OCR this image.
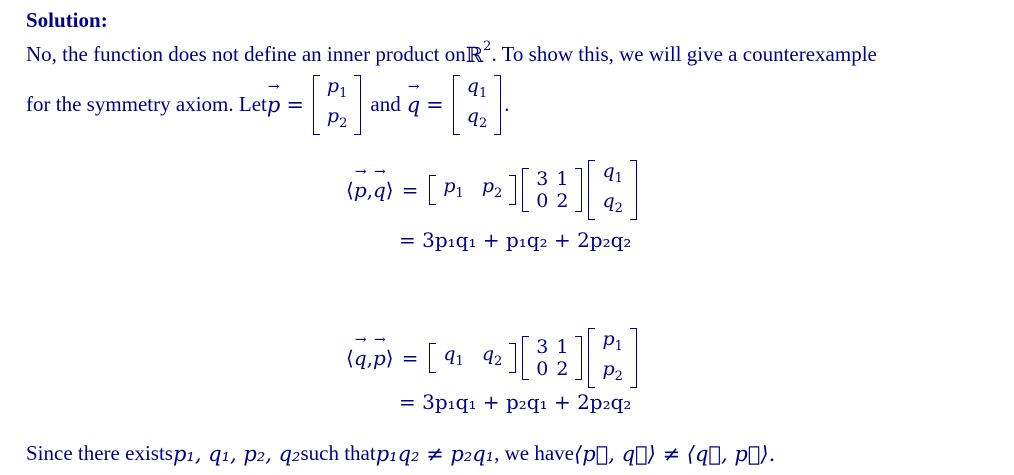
Solution:
No, the function does not define an inner product on ℝ$^2$ . To show this, we will give a counterexample
for the symmetry axiom. Let → p =
$p_1$
$p_2$
and → q =
$q_1$
$q_2$
.
⟨ → p , → q ⟩ = $p_1$ $p_2$
3 1
0 2
$q_1$
$q_2$
= 3p₁q₁ + p₁q₂ + 2p₂q₂
⟨ → q , → p ⟩ = $q_1$ $q_2$
3 1
0 2
$p_1$
$p_2$
= 3p₁q₁ + p₂q₁ + 2p₂q₂
Since there exists p₁, q₁, p₂, q₂ such that p₁q₂ ≠ p₂q₁ , we have ⟨p⃗, q⃗⟩ ≠ ⟨q⃗, p⃗⟩.
